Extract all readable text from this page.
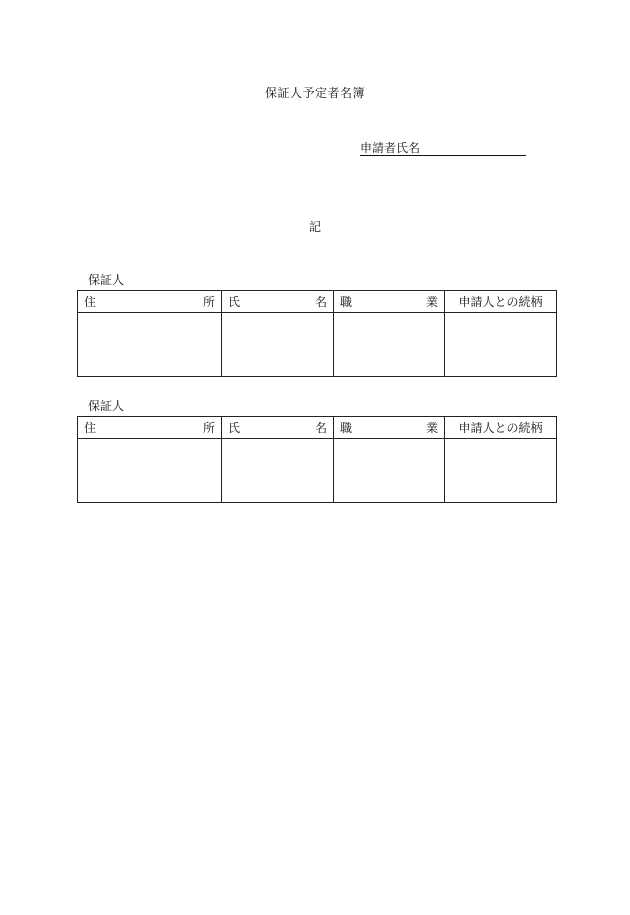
保証人予定者名簿
申請者氏名
記
保証人
住 所	氏 名	職 業	申請人との続柄

保証人
住 所	氏 名	職 業	申請人との続柄
